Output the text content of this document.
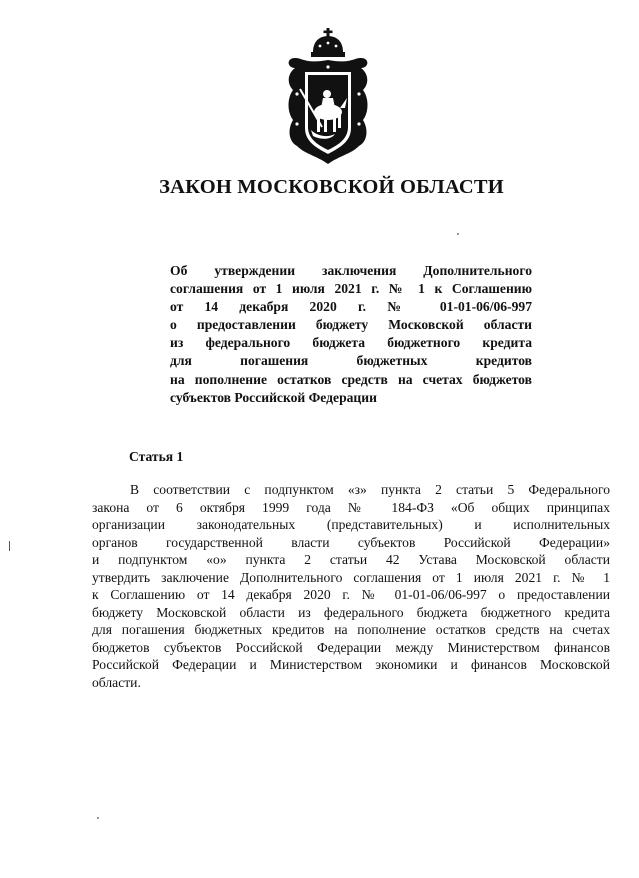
ЗАКОН МОСКОВСКОЙ ОБЛАСТИ
Об утверждении заключения Дополнительного
соглашения от 1 июля 2021 г. № 1 к Соглашению
от 14 декабря 2020 г. № 01-01-06/06-997
о предоставлении бюджету Московской области
из федерального бюджета бюджетного кредита
для погашения бюджетных кредитов
на пополнение остатков средств на счетах бюджетов
субъектов Российской Федерации
Статья 1
В соответствии с подпунктом «з» пункта 2 статьи 5 Федерального
закона от 6 октября 1999 года № 184-ФЗ «Об общих принципах
организации законодательных (представительных) и исполнительных
органов государственной власти субъектов Российской Федерации»
и подпунктом «о» пункта 2 статьи 42 Устава Московской области
утвердить заключение Дополнительного соглашения от 1 июля 2021 г. № 1
к Соглашению от 14 декабря 2020 г. № 01-01-06/06-997 о предоставлении
бюджету Московской области из федерального бюджета бюджетного кредита
для погашения бюджетных кредитов на пополнение остатков средств на счетах
бюджетов субъектов Российской Федерации между Министерством финансов
Российской Федерации и Министерством экономики и финансов Московской
области.
